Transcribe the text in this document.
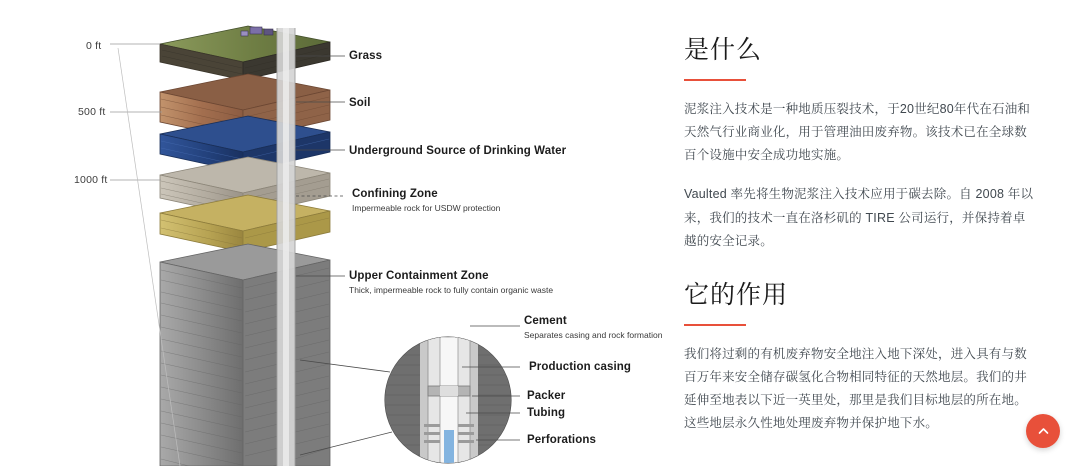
0 ft
500 ft
1000 ft
Grass
Soil
Underground Source of Drinking Water
Confining Zone
Impermeable rock for USDW protection
Upper Containment Zone
Thick, impermeable rock to fully contain organic waste
Cement
Separates casing and rock formation
Production casing
Packer
Tubing
Perforations
是什么

泥浆注入技术是一种地质压裂技术，于20世纪80年代在石油和天然气行业商业化，用于管理油田废弃物。该技术已在全球数百个设施中安全成功地实施。

Vaulted 率先将生物泥浆注入技术应用于碳去除。自 2008 年以来，我们的技术一直在洛杉矶的 TIRE 公司运行，并保持着卓越的安全记录。

它的作用

我们将过剩的有机废弃物安全地注入地下深处，进入具有与数百万年来安全储存碳氢化合物相同特征的天然地层。我们的井延伸至地表以下近一英里处，那里是我们目标地层的所在地。这些地层永久性地处理废弃物并保护地下水。
